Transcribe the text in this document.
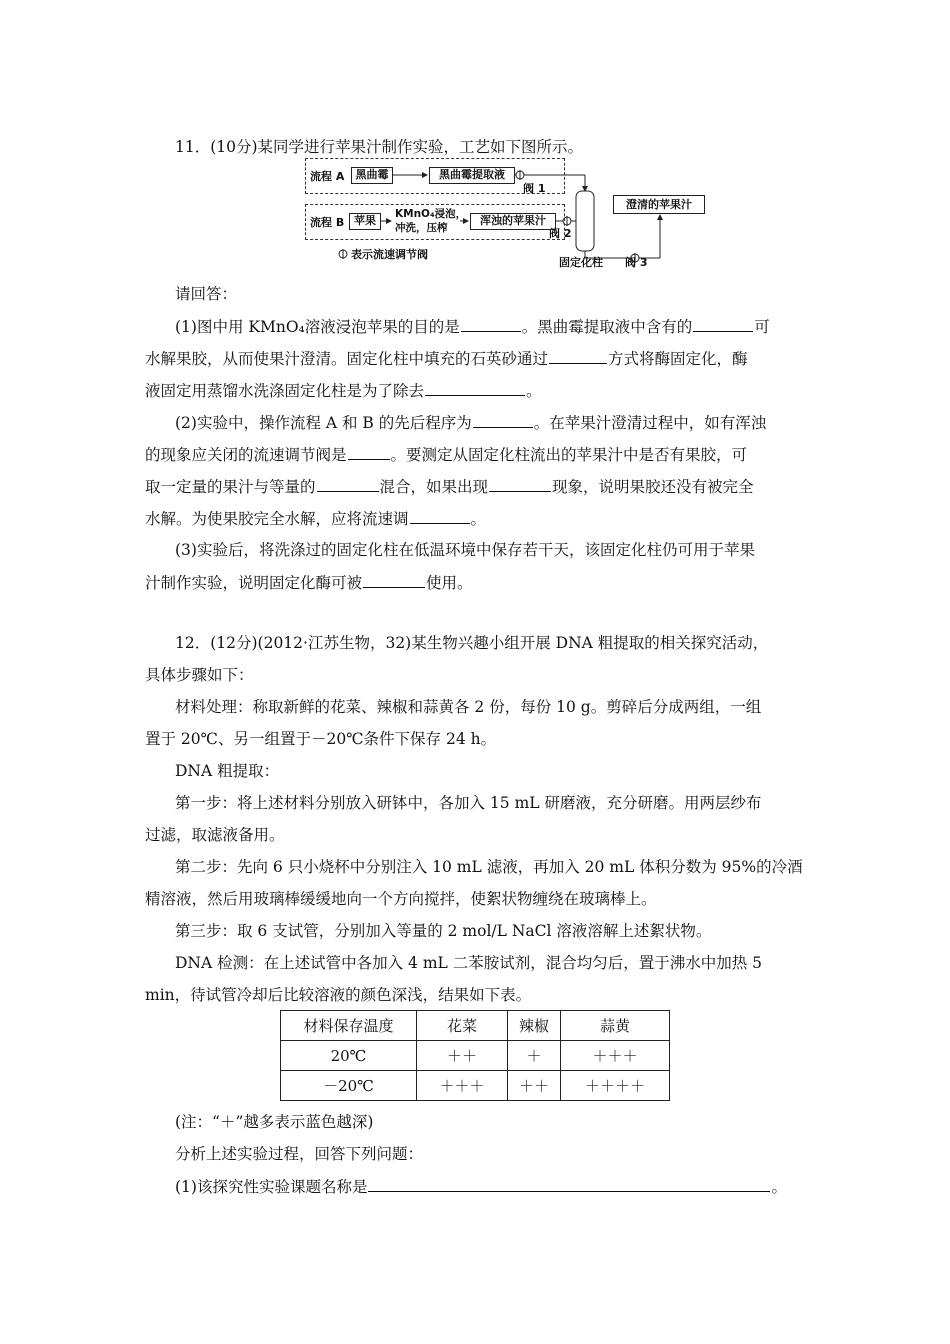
11．(10分)某同学进行苹果汁制作实验，工艺如下图所示。
流程 A	黑曲霉	黑曲霉提取液
阀 1
流程 B 苹果	KMnO₄浸泡，
冲洗，压榨
浑浊的苹果汁
阀 2
澄清的苹果汁
固定化柱 阀 3
表示流速调节阀
请回答：
(1)图中用 KMnO₄溶液浸泡苹果的目的是	。黑曲霉提取液中含有的	可
水解果胶，从而使果汁澄清。固定化柱中填充的石英砂通过	方式将酶固定化，酶
液固定用蒸馏水洗涤固定化柱是为了除去	。
(2)实验中，操作流程 A 和 B 的先后程序为	。在苹果汁澄清过程中，如有浑浊
的现象应关闭的流速调节阀是	。要测定从固定化柱流出的苹果汁中是否有果胶，可
取一定量的果汁与等量的	混合，如果出现	现象，说明果胶还没有被完全
水解。为使果胶完全水解，应将流速调	。
(3)实验后，将洗涤过的固定化柱在低温环境中保存若干天，该固定化柱仍可用于苹果
汁制作实验，说明固定化酶可被	使用。
12．(12分)(2012·江苏生物，32)某生物兴趣小组开展 DNA 粗提取的相关探究活动，
具体步骤如下：
材料处理：称取新鲜的花菜、辣椒和蒜黄各 2 份，每份 10 g。剪碎后分成两组，一组
置于 20℃、另一组置于－20℃条件下保存 24 h。
DNA 粗提取：
第一步：将上述材料分别放入研钵中，各加入 15 mL 研磨液，充分研磨。用两层纱布
过滤，取滤液备用。
第二步：先向 6 只小烧杯中分别注入 10 mL 滤液，再加入 20 mL 体积分数为 95%的冷酒
精溶液，然后用玻璃棒缓缓地向一个方向搅拌，使絮状物缠绕在玻璃棒上。
第三步：取 6 支试管，分别加入等量的 2 mol/L NaCl 溶液溶解上述絮状物。
DNA 检测：在上述试管中各加入 4 mL 二苯胺试剂，混合均匀后，置于沸水中加热 5
min，待试管冷却后比较溶液的颜色深浅，结果如下表。
材料保存温度	花菜	辣椒	蒜黄
20℃	＋＋	＋	＋＋＋
－20℃	＋＋＋	＋＋	＋＋＋＋
(注：“＋”越多表示蓝色越深)
分析上述实验过程，回答下列问题：
(1)该探究性实验课题名称是	。
